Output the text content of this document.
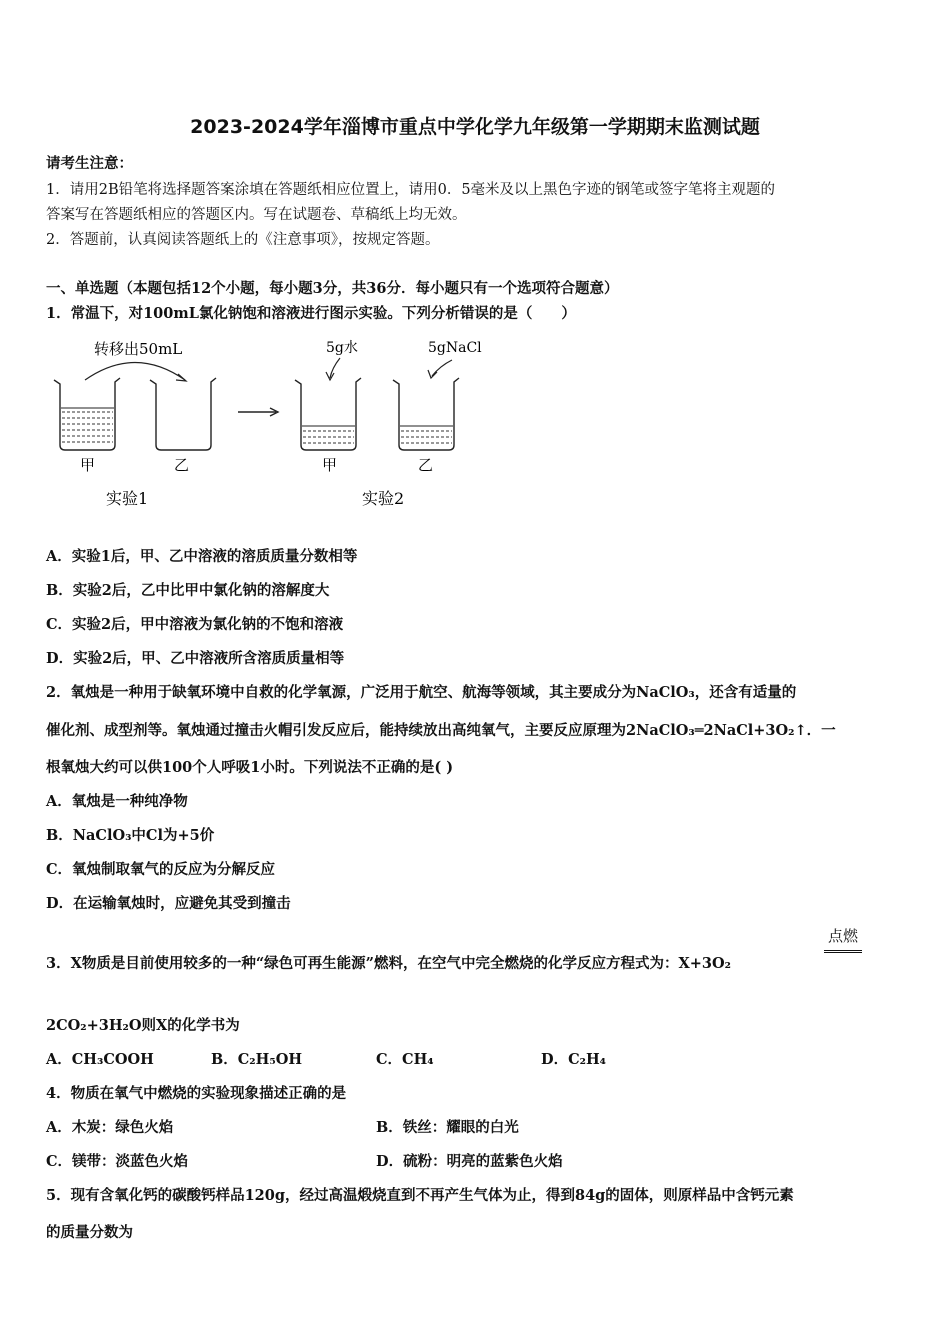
2023-2024学年淄博市重点中学化学九年级第一学期期末监测试题
请考生注意：
1．请用2B铅笔将选择题答案涂填在答题纸相应位置上，请用0．5毫米及以上黑色字迹的钢笔或签字笔将主观题的
答案写在答题纸相应的答题区内。写在试题卷、草稿纸上均无效。
2．答题前，认真阅读答题纸上的《注意事项》，按规定答题。
一、单选题（本题包括12个小题，每小题3分，共36分．每小题只有一个选项符合题意）
1．常温下，对100mL氯化钠饱和溶液进行图示实验。下列分析错误的是（　　）
转移出50mL
甲	乙
实验1
5g水	5gNaCl
甲	乙
实验2
A．实验1后，甲、乙中溶液的溶质质量分数相等
B．实验2后，乙中比甲中氯化钠的溶解度大
C．实验2后，甲中溶液为氯化钠的不饱和溶液
D．实验2后，甲、乙中溶液所含溶质质量相等
2．氧烛是一种用于缺氧环境中自救的化学氧源，广泛用于航空、航海等领域，其主要成分为NaClO₃，还含有适量的
催化剂、成型剂等。氧烛通过撞击火帽引发反应后，能持续放出高纯氧气，主要反应原理为2NaClO₃═2NaCl+3O₂↑．一
根氧烛大约可以供100个人呼吸1小时。下列说法不正确的是( )
A．氧烛是一种纯净物
B．NaClO₃中Cl为+5价
C．氧烛制取氧气的反应为分解反应
D．在运输氧烛时，应避免其受到撞击
3．X物质是目前使用较多的一种“绿色可再生能源”燃料，在空气中完全燃烧的化学反应方程式为：X+3O₂
点燃
2CO₂+3H₂O则X的化学书为
A．CH₃COOH	B．C₂H₅OH	C．CH₄	D．C₂H₄
4．物质在氧气中燃烧的实验现象描述正确的是
A．木炭：绿色火焰	B．铁丝：耀眼的白光
C．镁带：淡蓝色火焰	D．硫粉：明亮的蓝紫色火焰
5．现有含氧化钙的碳酸钙样品120g，经过高温煅烧直到不再产生气体为止，得到84g的固体，则原样品中含钙元素
的质量分数为
